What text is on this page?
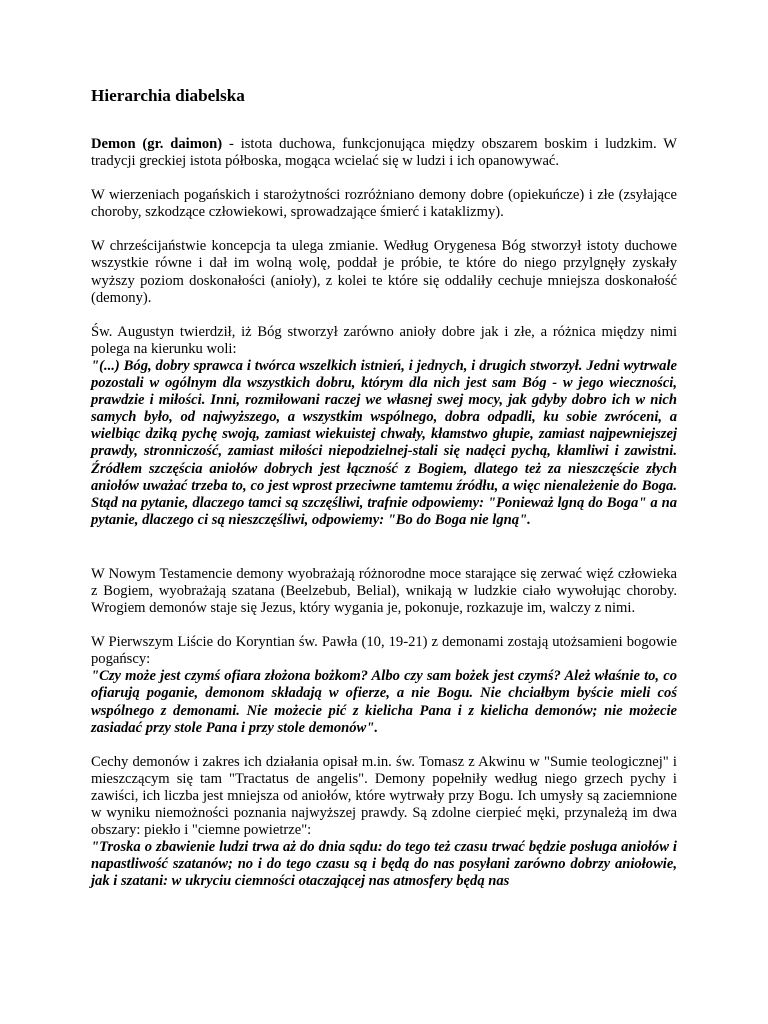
Hierarchia diabelska

Demon (gr. daimon) - istota duchowa, funkcjonująca między obszarem boskim i ludzkim. W tradycji greckiej istota półboska, mogąca wcielać się w ludzi i ich opanowywać.

W wierzeniach pogańskich i starożytności rozróżniano demony dobre (opiekuńcze) i złe (zsyłające choroby, szkodzące człowiekowi, sprowadzające śmierć i kataklizmy).

W chrześcijaństwie koncepcja ta ulega zmianie. Według Orygenesa Bóg stworzył istoty duchowe wszystkie równe i dał im wolną wolę, poddał je próbie, te które do niego przylgnęły zyskały wyższy poziom doskonałości (anioły), z kolei te które się oddaliły cechuje mniejsza doskonałość (demony).

Św. Augustyn twierdził, iż Bóg stworzył zarówno anioły dobre jak i złe, a różnica między nimi polega na kierunku woli:

"(...) Bóg, dobry sprawca i twórca wszelkich istnień, i jednych, i drugich stworzył. Jedni wytrwale pozostali w ogólnym dla wszystkich dobru, którym dla nich jest sam Bóg - w jego wieczności, prawdzie i miłości. Inni, rozmiłowani raczej we własnej swej mocy, jak gdyby dobro ich w nich samych było, od najwyższego, a wszystkim wspólnego, dobra odpadli, ku sobie zwróceni, a wielbiąc dziką pychę swoją, zamiast wiekuistej chwały, kłamstwo głupie, zamiast najpewniejszej prawdy, stronniczość, zamiast miłości niepodzielnej-stali się nadęci pychą, kłamliwi i zawistni. Źródłem szczęścia aniołów dobrych jest łączność z Bogiem, dlatego też za nieszczęście złych aniołów uważać trzeba to, co jest wprost przeciwne tamtemu źródłu, a więc nienależenie do Boga. Stąd na pytanie, dlaczego tamci są szczęśliwi, trafnie odpowiemy: "Ponieważ lgną do Boga" a na pytanie, dlaczego ci są nieszczęśliwi, odpowiemy: "Bo do Boga nie lgną".

W Nowym Testamencie demony wyobrażają różnorodne moce starające się zerwać więź człowieka z Bogiem, wyobrażają szatana (Beelzebub, Belial), wnikają w ludzkie ciało wywołując choroby. Wrogiem demonów staje się Jezus, który wygania je, pokonuje, rozkazuje im, walczy z nimi.

W Pierwszym Liście do Koryntian św. Pawła (10, 19-21) z demonami zostają utożsamieni bogowie pogańscy:

"Czy może jest czymś ofiara złożona bożkom? Albo czy sam bożek jest czymś? Ależ właśnie to, co ofiarują poganie, demonom składają w ofierze, a nie Bogu. Nie chciałbym byście mieli coś wspólnego z demonami. Nie możecie pić z kielicha Pana i z kielicha demonów; nie możecie zasiadać przy stole Pana i przy stole demonów".

Cechy demonów i zakres ich działania opisał m.in. św. Tomasz z Akwinu w "Sumie teologicznej" i mieszczącym się tam "Tractatus de angelis". Demony popełniły według niego grzech pychy i zawiści, ich liczba jest mniejsza od aniołów, które wytrwały przy Bogu. Ich umysły są zaciemnione w wyniku niemożności poznania najwyższej prawdy. Są zdolne cierpieć męki, przynależą im dwa obszary: piekło i "ciemne powietrze":

"Troska o zbawienie ludzi trwa aż do dnia sądu: do tego też czasu trwać będzie posługa aniołów i napastliwość szatanów; no i do tego czasu są i będą do nas posyłani zarówno dobrzy aniołowie, jak i szatani: w ukryciu ciemności otaczającej nas atmosfery będą nas
